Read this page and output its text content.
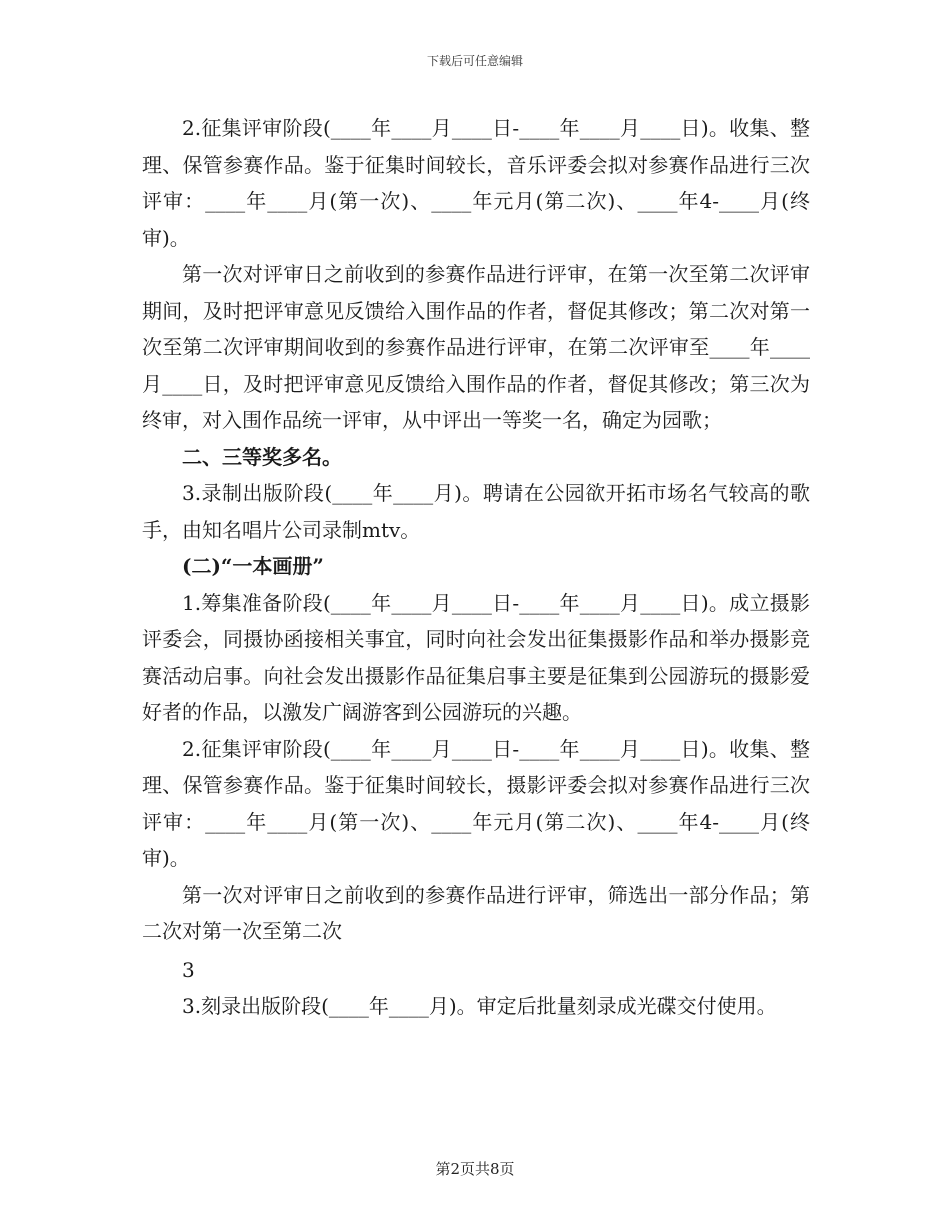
下载后可任意编辑

2.征集评审阶段(____年____月____日-____年____月____日)。收集、整理、保管参赛作品。鉴于征集时间较长，音乐评委会拟对参赛作品进行三次评审：____年____月(第一次)、____年元月(第二次)、____年4-____月(终审)。

第一次对评审日之前收到的参赛作品进行评审，在第一次至第二次评审期间，及时把评审意见反馈给入围作品的作者，督促其修改；第二次对第一次至第二次评审期间收到的参赛作品进行评审，在第二次评审至____年____月____日，及时把评审意见反馈给入围作品的作者，督促其修改；第三次为终审，对入围作品统一评审，从中评出一等奖一名，确定为园歌；

二、三等奖多名。

3.录制出版阶段(____年____月)。聘请在公园欲开拓市场名气较高的歌手，由知名唱片公司录制mtv。

(二)“一本画册”

1.筹集准备阶段(____年____月____日-____年____月____日)。成立摄影评委会，同摄协函接相关事宜，同时向社会发出征集摄影作品和举办摄影竞赛活动启事。向社会发出摄影作品征集启事主要是征集到公园游玩的摄影爱好者的作品，以激发广阔游客到公园游玩的兴趣。

2.征集评审阶段(____年____月____日-____年____月____日)。收集、整理、保管参赛作品。鉴于征集时间较长，摄影评委会拟对参赛作品进行三次评审：____年____月(第一次)、____年元月(第二次)、____年4-____月(终审)。

第一次对评审日之前收到的参赛作品进行评审，筛选出一部分作品；第二次对第一次至第二次

3

3.刻录出版阶段(____年____月)。审定后批量刻录成光碟交付使用。

第2页共8页
